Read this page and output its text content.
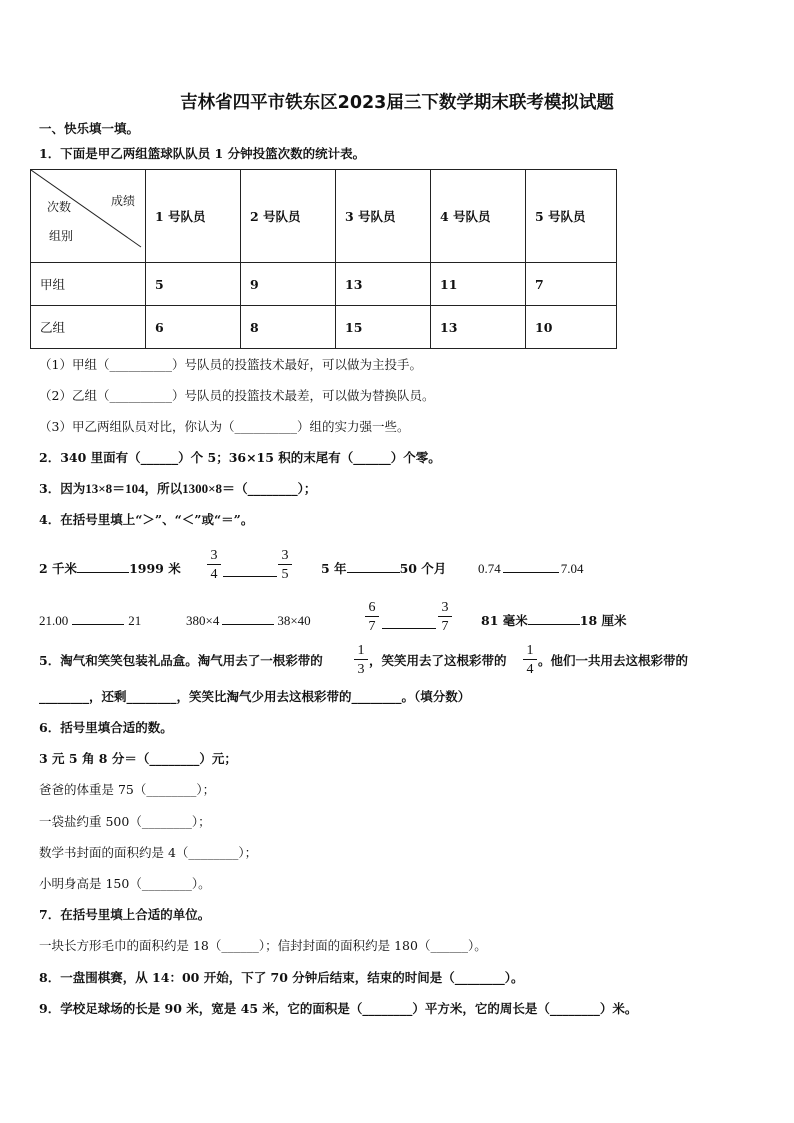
吉林省四平市铁东区2023届三下数学期末联考模拟试题
一、快乐填一填。
1．下面是甲乙两组篮球队队员 1 分钟投篮次数的统计表。
成绩
次数
组别	1 号队员	2 号队员	3 号队员	4 号队员	5 号队员
甲组	5	9	13	11	7
乙组	6	8	15	13	10
（1）甲组（__________）号队员的投篮技术最好，可以做为主投手。
（2）乙组（__________）号队员的投篮技术最差，可以做为替换队员。
（3）甲乙两组队员对比，你认为（__________）组的实力强一些。
2．340 里面有（______）个 5；36×15 积的末尾有（______）个零。
3．因为13×8＝104，所以1300×8＝（________）；
4．在括号里填上“＞”、“＜”或“＝”。
2 千米	1999 米
3
4
3
5	5 年	50 个月 0.74	7.04
21.00	21	380×4	38×40
6
7
3
7	81 毫米	18 厘米
5．淘气和笑笑包装礼品盒。淘气用去了一根彩带的
1
3
，笑笑用去了这根彩带的
1
4
。他们一共用去这根彩带的
________，还剩________，笑笑比淘气少用去这根彩带的________。（填分数）
6．括号里填合适的数。
3 元 5 角 8 分＝（________）元；
爸爸的体重是 75（________）；
一袋盐约重 500（________）；
数学书封面的面积约是 4（________）；
小明身高是 150（________）。
7．在括号里填上合适的单位。
一块长方形毛巾的面积约是 18（______）；信封封面的面积约是 180（______）。
8．一盘围棋赛，从 14：00 开始，下了 70 分钟后结束，结束的时间是（________）。
9．学校足球场的长是 90 米，宽是 45 米，它的面积是（________）平方米，它的周长是（________）米。
